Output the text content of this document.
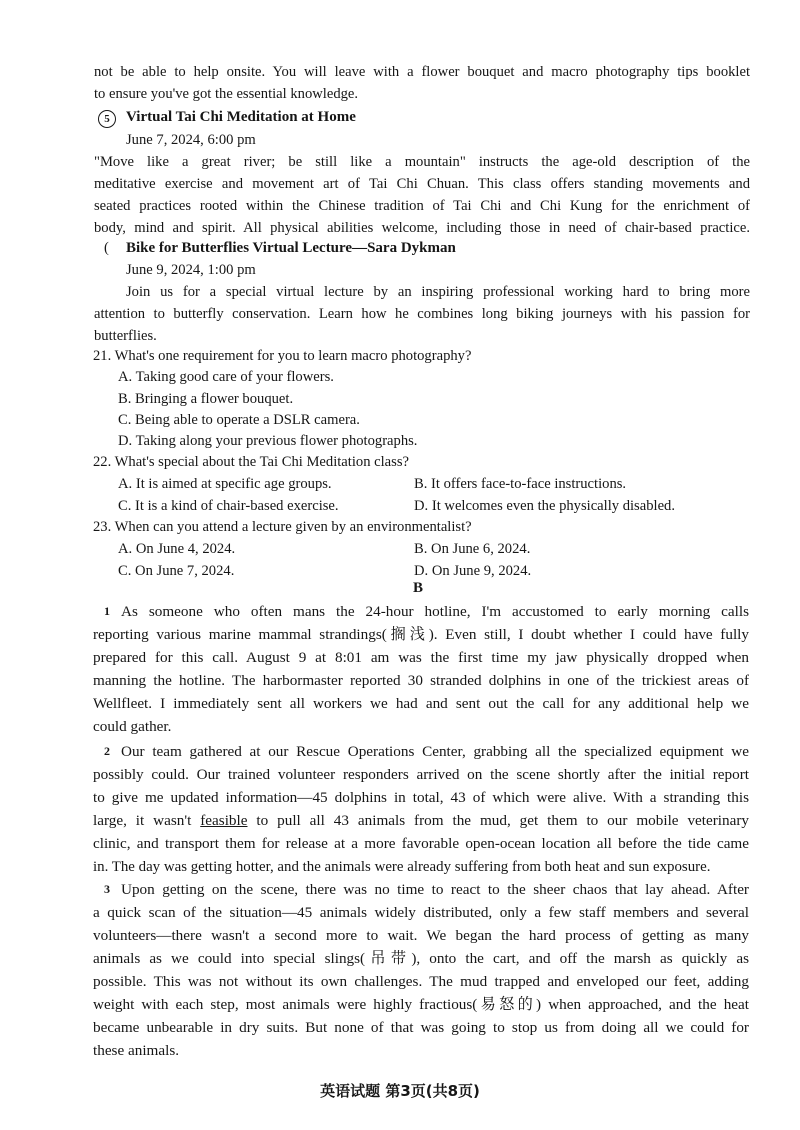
not be able to help onsite. You will leave with a flower bouquet and macro photography tips booklet
to ensure you've got the essential knowledge.
5	Virtual Tai Chi Meditation at Home
June 7, 2024, 6:00 pm
"Move like a great river; be still like a mountain" instructs the age-old description of the
meditative exercise and movement art of Tai Chi Chuan. This class offers standing movements and
seated practices rooted within the Chinese tradition of Tai Chi and Chi Kung for the enrichment of
body, mind and spirit. All physical abilities welcome, including those in need of chair-based practice.
( Bike for Butterflies Virtual Lecture—Sara Dykman
June 9, 2024, 1:00 pm
Join us for a special virtual lecture by an inspiring professional working hard to bring more
attention to butterfly conservation. Learn how he combines long biking journeys with his passion for
butterflies.
21. What's one requirement for you to learn macro photography?
A. Taking good care of your flowers.
B. Bringing a flower bouquet.
C. Being able to operate a DSLR camera.
D. Taking along your previous flower photographs.
22. What's special about the Tai Chi Meditation class?
A. It is aimed at specific age groups.	B. It offers face-to-face instructions.
C. It is a kind of chair-based exercise.	D. It welcomes even the physically disabled.
23. When can you attend a lecture given by an environmentalist?
A. On June 4, 2024.	B. On June 6, 2024.
C. On June 7, 2024.	D. On June 9, 2024.
B
1 As someone who often mans the 24-hour hotline, I'm accustomed to early morning calls
reporting various marine mammal strandings(搁浅). Even still, I doubt whether I could have fully
prepared for this call. August 9 at 8:01 am was the first time my jaw physically dropped when
manning the hotline. The harbormaster reported 30 stranded dolphins in one of the trickiest areas of
Wellfleet. I immediately sent all workers we had and sent out the call for any additional help we
could gather.
2 Our team gathered at our Rescue Operations Center, grabbing all the specialized equipment we
possibly could. Our trained volunteer responders arrived on the scene shortly after the initial report
to give me updated information—45 dolphins in total, 43 of which were alive. With a stranding this
large, it wasn't feasible to pull all 43 animals from the mud, get them to our mobile veterinary
clinic, and transport them for release at a more favorable open-ocean location all before the tide came
in. The day was getting hotter, and the animals were already suffering from both heat and sun exposure.
3 Upon getting on the scene, there was no time to react to the sheer chaos that lay ahead. After
a quick scan of the situation—45 animals widely distributed, only a few staff members and several
volunteers—there wasn't a second more to wait. We began the hard process of getting as many
animals as we could into special slings(吊带), onto the cart, and off the marsh as quickly as
possible. This was not without its own challenges. The mud trapped and enveloped our feet, adding
weight with each step, most animals were highly fractious(易怒的) when approached, and the heat
became unbearable in dry suits. But none of that was going to stop us from doing all we could for
these animals.
英语试题 第3页(共8页)
